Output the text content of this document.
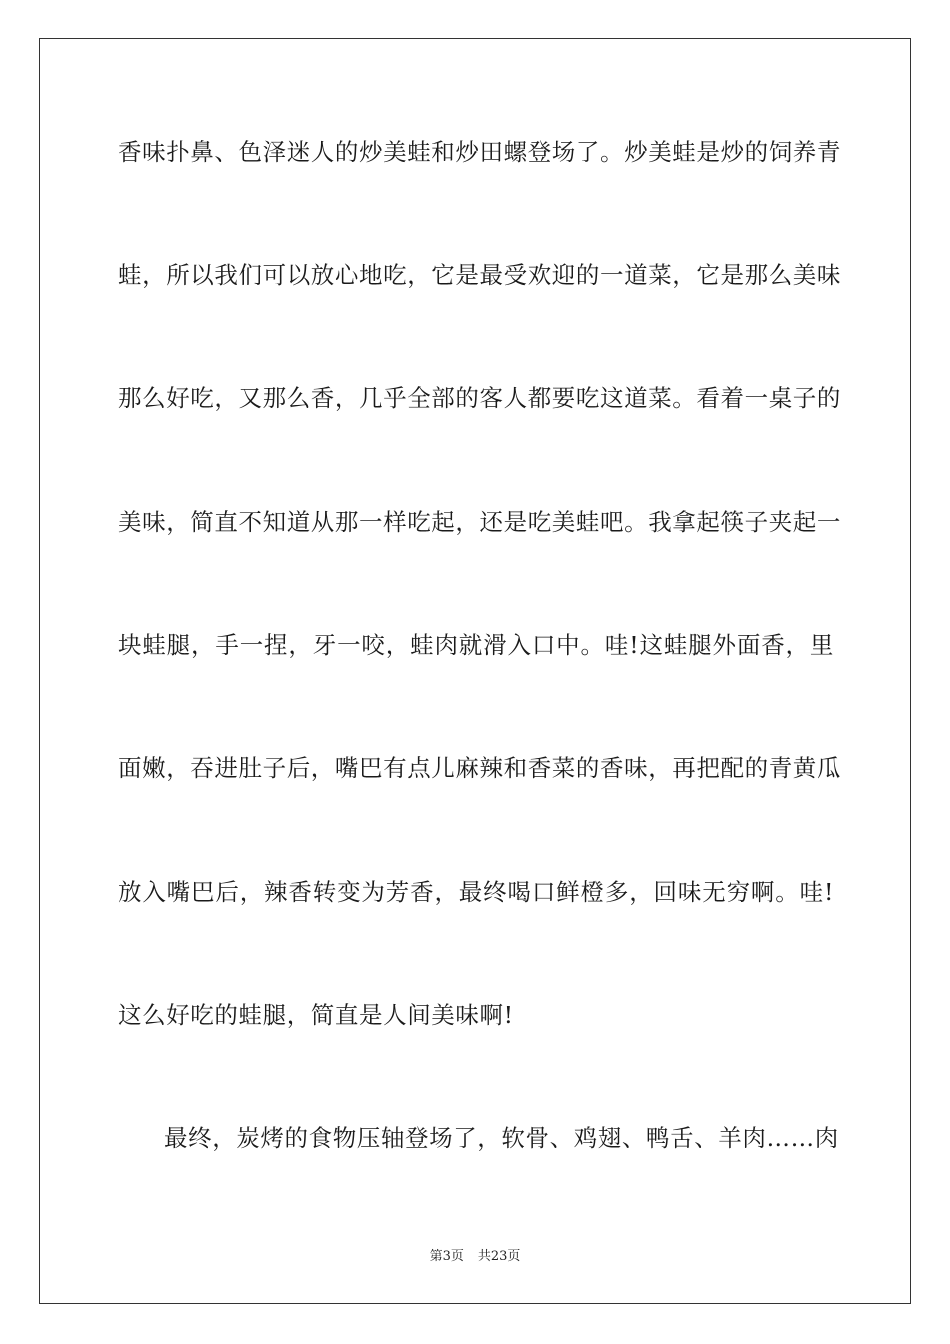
香味扑鼻、色泽迷人的炒美蛙和炒田螺登场了。炒美蛙是炒的饲养青
蛙，所以我们可以放心地吃，它是最受欢迎的一道菜，它是那么美味
那么好吃，又那么香，几乎全部的客人都要吃这道菜。看着一桌子的
美味，简直不知道从那一样吃起，还是吃美蛙吧。我拿起筷子夹起一
块蛙腿，手一捏，牙一咬，蛙肉就滑入口中。哇!这蛙腿外面香，里
面嫩，吞进肚子后，嘴巴有点儿麻辣和香菜的香味，再把配的青黄瓜
放入嘴巴后，辣香转变为芳香，最终喝口鲜橙多，回味无穷啊。哇!
这么好吃的蛙腿，简直是人间美味啊!
最终，炭烤的食物压轴登场了，软骨、鸡翅、鸭舌、羊肉……肉
第3页 共23页
